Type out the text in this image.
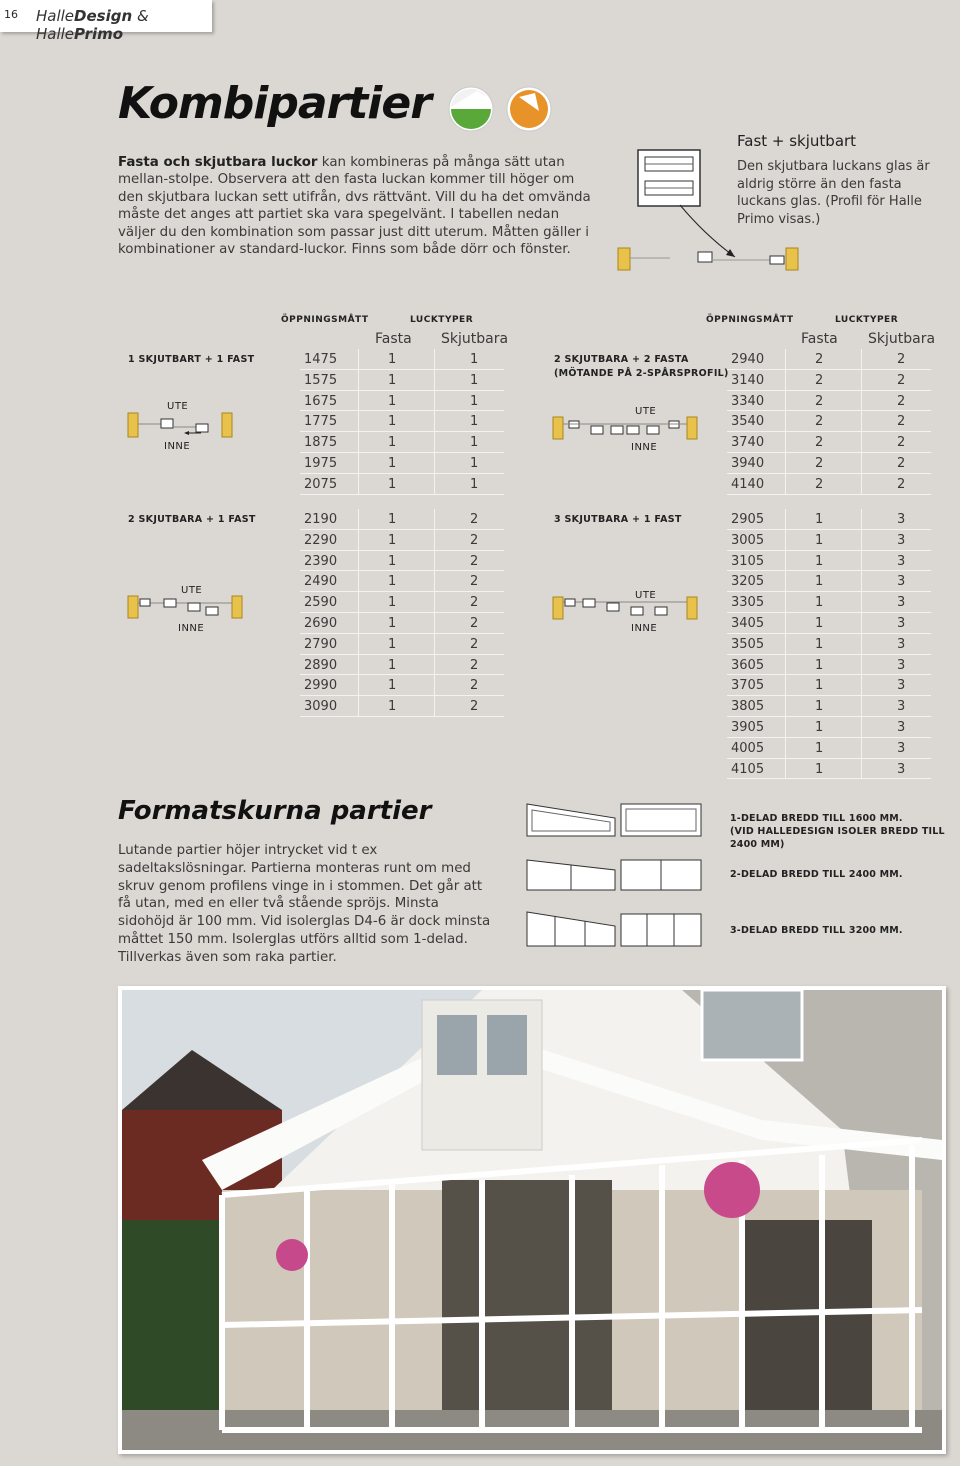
16 HalleDesign & HallePrimo
Kombipartier
Fasta och skjutbara luckor kan kombineras på många sätt utan mellan-stolpe. Observera att den fasta luckan kommer till höger om den skjutbara luckan sett utifrån, dvs rättvänt. Vill du ha det omvända måste det anges att partiet ska vara spegelvänt. I tabellen nedan väljer du den kombination som passar just ditt uterum. Måtten gäller i kombinationer av standard-luckor. Finns som både dörr och fönster.
Fast + skjutbart
Den skjutbara luckans glas är aldrig större än den fasta luckans glas. (Profil för Halle Primo visas.)
ÖPPNINGSMÅTT	LUCKTYPER
Fasta Skjutbara
ÖPPNINGSMÅTT	LUCKTYPER
Fasta Skjutbara
1 SKJUTBART + 1 FAST	2 SKJUTBARA + 2 FASTA
(MÖTANDE PÅ 2-SPÅRSPROFIL)
2 SKJUTBARA + 1 FAST	3 SKJUTBARA + 1 FAST
1475	1	1
1575	1	1
1675	1	1
1775	1	1
1875	1	1
1975	1	1
2075	1	1
2940	2	2
3140	2	2
3340	2	2
3540	2	2
3740	2	2
3940	2	2
4140	2	2
2190	1	2
2290	1	2
2390	1	2
2490	1	2
2590	1	2
2690	1	2
2790	1	2
2890	1	2
2990	1	2
3090	1	2
2905	1	3
3005	1	3
3105	1	3
3205	1	3
3305	1	3
3405	1	3
3505	1	3
3605	1	3
3705	1	3
3805	1	3
3905	1	3
4005	1	3
4105	1	3
UTE
INNE
UTE
INNE
UTE
INNE
UTE
INNE
Formatskurna partier
Lutande partier höjer intrycket vid t ex sadeltakslösningar. Partierna monteras runt om med skruv genom profilens vinge in i stommen. Det går att få utan, med en eller två stående spröjs. Minsta sidohöjd är 100 mm. Vid isolerglas D4-6 är dock minsta måttet 150 mm. Isolerglas utförs alltid som 1-delad. Tillverkas även som raka partier.
1-DELAD BREDD TILL 1600 MM.
(VID HALLEDESIGN ISOLER BREDD TILL 2400 MM)
2-DELAD BREDD TILL 2400 MM.
3-DELAD BREDD TILL 3200 MM.
